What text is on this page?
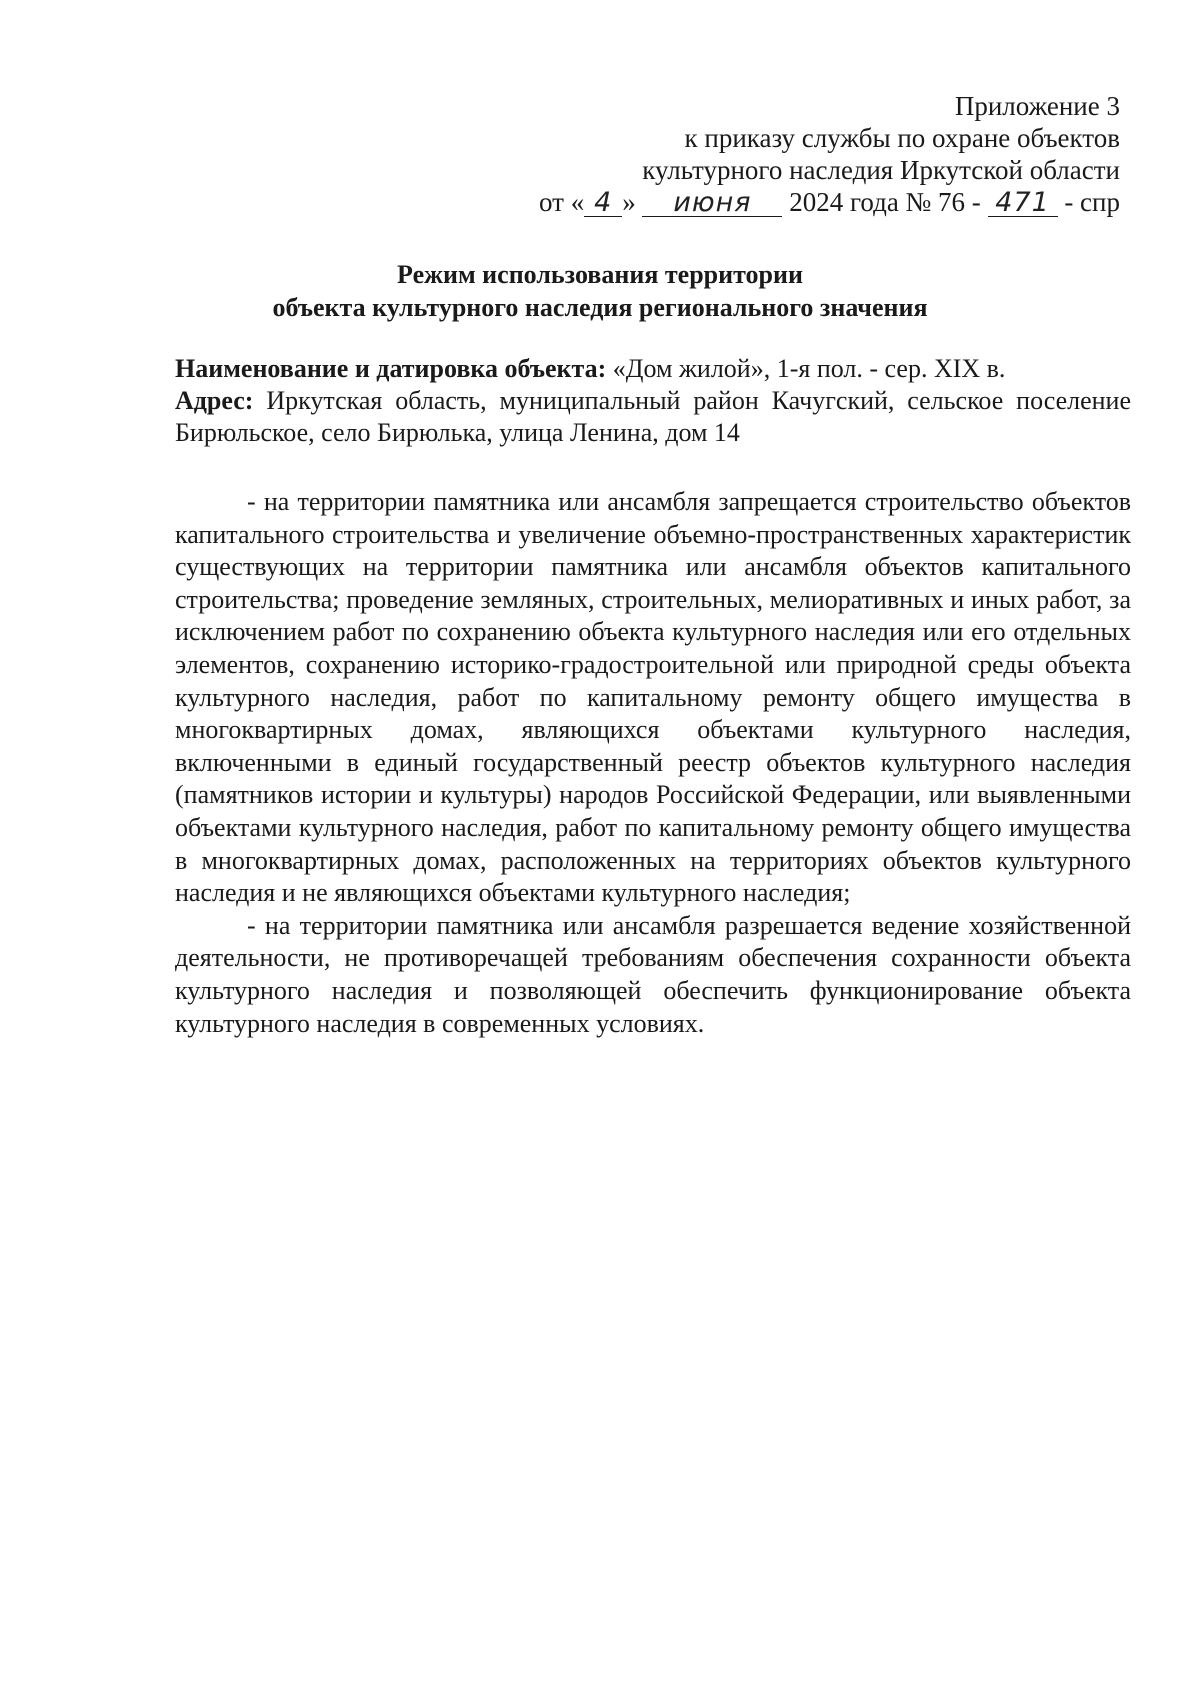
Приложение 3
к приказу службы по охране объектов
культурного наследия Иркутской области
от « 4 » июня 2024 года № 76 - 471 - спр
Режим использования территории
объекта культурного наследия регионального значения

Наименование и датировка объекта: «Дом жилой», 1-я пол. - сер. XIX в.

Адрес: Иркутская область, муниципальный район Качугский, сельское поселение Бирюльское, село Бирюлька, улица Ленина, дом 14

- на территории памятника или ансамбля запрещается строительство объектов капитального строительства и увеличение объемно-пространственных характеристик существующих на территории памятника или ансамбля объектов капитального строительства; проведение земляных, строительных, мелиоративных и иных работ, за исключением работ по сохранению объекта культурного наследия или его отдельных элементов, сохранению историко-градостроительной или природной среды объекта культурного наследия, работ по капитальному ремонту общего имущества в многоквартирных домах, являющихся объектами культурного наследия, включенными в единый государственный реестр объектов культурного наследия (памятников истории и культуры) народов Российской Федерации, или выявленными объектами культурного наследия, работ по капитальному ремонту общего имущества в многоквартирных домах, расположенных на территориях объектов культурного наследия и не являющихся объектами культурного наследия;

- на территории памятника или ансамбля разрешается ведение хозяйственной деятельности, не противоречащей требованиям обеспечения сохранности объекта культурного наследия и позволяющей обеспечить функционирование объекта культурного наследия в современных условиях.
